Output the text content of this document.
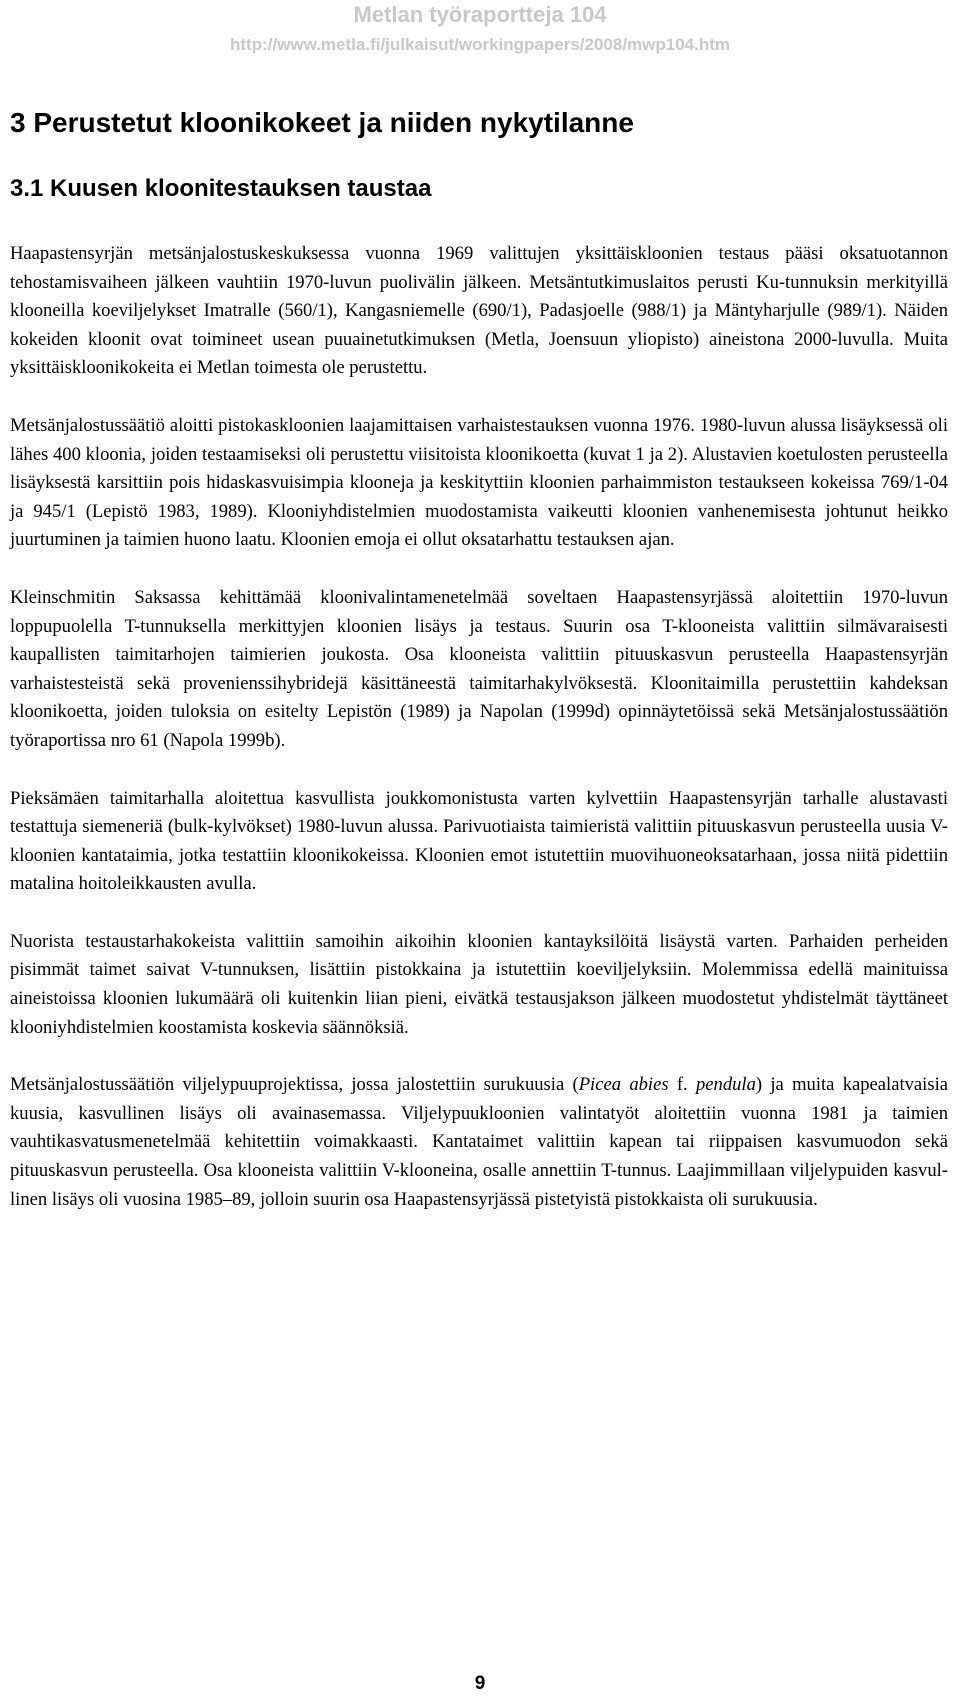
Metlan työraportteja 104
http://www.metla.fi/julkaisut/workingpapers/2008/mwp104.htm
3 Perustetut kloonikokeet ja niiden nykytilanne
3.1 Kuusen kloonitestauksen taustaa

Haapastensyrjän metsänjalostuskeskuksessa vuonna 1969 valittujen yksittäiskloonien testaus pääsi oksatuotannon tehostamisvaiheen jälkeen vauhtiin 1970-luvun puolivälin jälkeen. Metsäntutkimuslaitos perusti Ku-tunnuksin merkityillä klooneilla koeviljelykset Imatralle (560/1), Kangasniemelle (690/1), Padasjoelle (988/1) ja Mäntyharjulle (989/1). Näiden kokeiden kloonit ovat toimineet usean puuainetutkimuksen (Metla, Joensuun yliopisto) aineistona 2000-luvulla. Muita yksittäiskloonikokeita ei Metlan toimesta ole perustettu.

Metsänjalostussäätiö aloitti pistokaskloonien laajamittaisen varhaistestauksen vuonna 1976. 1980-luvun alussa lisäyksessä oli lähes 400 kloonia, joiden testaamiseksi oli perustettu viisitoista kloonikoetta (kuvat 1 ja 2). Alustavien koetulosten perusteella lisäyksestä karsittiin pois hidaskasvuisimpia klooneja ja keskityttiin kloonien parhaimmiston testaukseen kokeissa 769/1-04 ja 945/1 (Lepistö 1983, 1989). Klooniyhdistelmien muodostamista vaikeutti kloonien vanhenemisesta johtunut heikko juurtuminen ja taimien huono laatu. Kloonien emoja ei ollut oksatarhattu testauksen ajan.

Kleinschmitin Saksassa kehittämää kloonivalintamenetelmää soveltaen Haapastensyrjässä aloitettiin 1970-luvun loppupuolella T-tunnuksella merkittyjen kloonien lisäys ja testaus. Suurin osa T-klooneista valittiin silmävaraisesti kaupallisten taimitarhojen taimierien joukosta. Osa klooneista valittiin pituuskasvun perusteella Haapastensyrjän varhaistesteistä sekä provenienssihybridejä käsittäneestä taimitarhakylvöksestä. Kloonitaimilla perustettiin kahdeksan kloonikoetta, joiden tuloksia on esitelty Lepistön (1989) ja Napolan (1999d) opinnäytetöissä sekä Metsänjalostussäätiön työraportissa nro 61 (Napola 1999b).

Pieksämäen taimitarhalla aloitettua kasvullista joukkomonistusta varten kylvettiin Haapastensyrjän tarhalle alustavasti testattuja siemeneriä (bulk-kylvökset) 1980-luvun alussa. Parivuotiaista taimieristä valittiin pituuskasvun perusteella uusia V-kloonien kantataimia, jotka testattiin kloonikokeissa. Kloonien emot istutettiin muovihuoneoksatarhaan, jossa niitä pidettiin matalina hoitoleikkausten avulla.

Nuorista testaustarhakokeista valittiin samoihin aikoihin kloonien kantayksilöitä lisäystä varten. Parhaiden perheiden pisimmät taimet saivat V-tunnuksen, lisättiin pistokkaina ja istutettiin koeviljelyksiin. Molemmissa edellä mainituissa aineistoissa kloonien lukumäärä oli kuitenkin liian pieni, eivätkä testausjakson jälkeen muodostetut yhdistelmät täyttäneet klooniyhdistelmien koostamista koskevia säännöksiä.

Metsänjalostussäätiön viljelypuuprojektissa, jossa jalostettiin surukuusia (Picea abies f. pendula) ja muita kapealatvaisia kuusia, kasvullinen lisäys oli avainasemassa. Viljelypuukloonien valintatyöt aloitettiin vuonna 1981 ja taimien vauhtikasvatusmenetelmää kehitettiin voimakkaasti. Kantataimet valittiin kapean tai riippaisen kasvumuodon sekä pituuskasvun perusteella. Osa klooneista valittiin V-klooneina, osalle annettiin T-tunnus. Laajimmillaan viljelypuiden kasvullinen lisäys oli vuosina 1985–89, jolloin suurin osa Haapastensyrjässä pistetyistä pistokkaista oli surukuusia.

9
